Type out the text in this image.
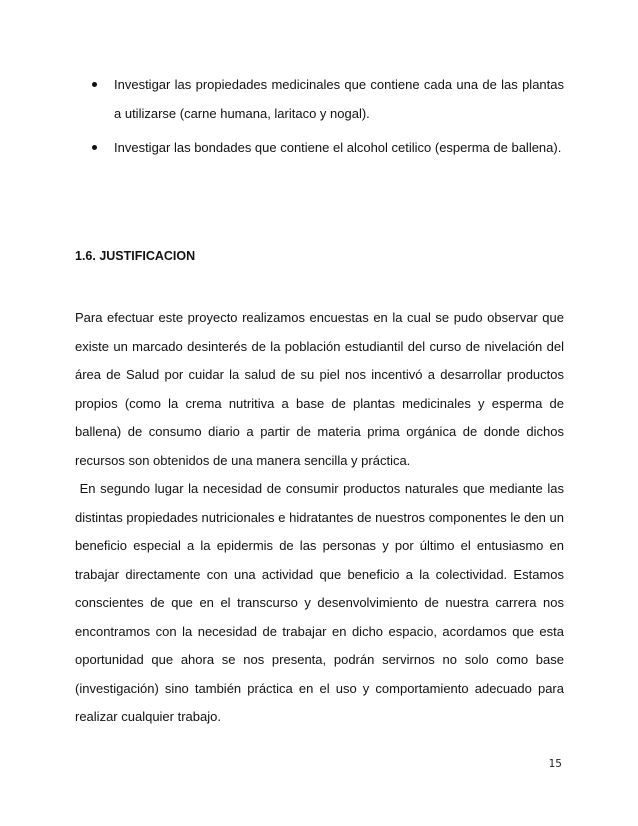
Investigar las propiedades medicinales que contiene cada una de las plantas a utilizarse (carne humana, laritaco y nogal).
Investigar las bondades que contiene el alcohol cetilico (esperma de ballena).
1.6. JUSTIFICACION

Para efectuar este proyecto realizamos encuestas en la cual se pudo observar que existe un marcado desinterés de la población estudiantil del curso de nivelación del área de Salud por cuidar la salud de su piel nos incentivó a desarrollar productos propios (como la crema nutritiva a base de plantas medicinales y esperma de ballena) de consumo diario a partir de materia prima orgánica de donde dichos recursos son obtenidos de una manera sencilla y práctica.

En segundo lugar la necesidad de consumir productos naturales que mediante las distintas propiedades nutricionales e hidratantes de nuestros componentes le den un beneficio especial a la epidermis de las personas y por último el entusiasmo en trabajar directamente con una actividad que beneficio a la colectividad. Estamos conscientes de que en el transcurso y desenvolvimiento de nuestra carrera nos encontramos con la necesidad de trabajar en dicho espacio, acordamos que esta oportunidad que ahora se nos presenta, podrán servirnos no solo como base (investigación) sino también práctica en el uso y comportamiento adecuado para realizar cualquier trabajo.

15
